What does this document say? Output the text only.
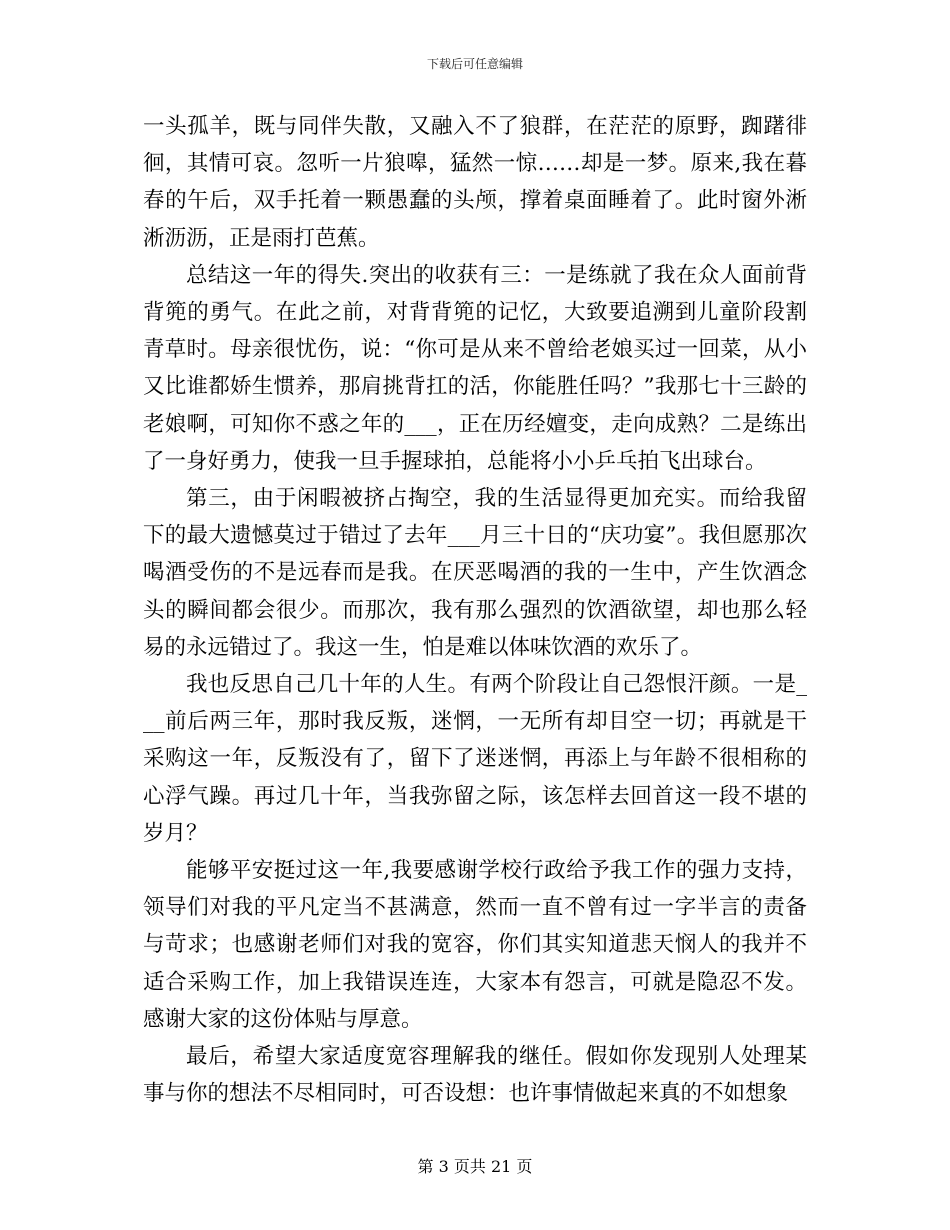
下载后可任意编辑

一头孤羊，既与同伴失散，又融入不了狼群，在茫茫的原野，踟躇徘徊，其情可哀。忽听一片狼嗥，猛然一惊……却是一梦。原来,我在暮春的午后，双手托着一颗愚蠢的头颅，撑着桌面睡着了。此时窗外淅淅沥沥，正是雨打芭蕉。

总结这一年的得失.突出的收获有三：一是练就了我在众人面前背背篼的勇气。在此之前，对背背篼的记忆，大致要追溯到儿童阶段割青草时。母亲很忧伤，说：“你可是从来不曾给老娘买过一回菜，从小又比谁都娇生惯养，那肩挑背扛的活，你能胜任吗？”我那七十三龄的老娘啊，可知你不惑之年的___，正在历经嬗变，走向成熟？二是练出了一身好勇力，使我一旦手握球拍，总能将小小乒乓拍飞出球台。

第三，由于闲暇被挤占掏空，我的生活显得更加充实。而给我留下的最大遗憾莫过于错过了去年___月三十日的“庆功宴”。我但愿那次喝酒受伤的不是远春而是我。在厌恶喝酒的我的一生中，产生饮酒念头的瞬间都会很少。而那次，我有那么强烈的饮酒欲望，却也那么轻易的永远错过了。我这一生，怕是难以体味饮酒的欢乐了。

我也反思自己几十年的人生。有两个阶段让自己怨恨汗颜。一是___前后两三年，那时我反叛，迷惘，一无所有却目空一切；再就是干采购这一年，反叛没有了，留下了迷迷惘，再添上与年龄不很相称的心浮气躁。再过几十年，当我弥留之际，该怎样去回首这一段不堪的岁月？

能够平安挺过这一年,我要感谢学校行政给予我工作的强力支持，领导们对我的平凡定当不甚满意，然而一直不曾有过一字半言的责备与苛求；也感谢老师们对我的宽容，你们其实知道悲天悯人的我并不适合采购工作，加上我错误连连，大家本有怨言，可就是隐忍不发。感谢大家的这份体贴与厚意。

最后，希望大家适度宽容理解我的继任。假如你发现别人处理某事与你的想法不尽相同时，可否设想：也许事情做起来真的不如想象

第 3 页共 21 页
